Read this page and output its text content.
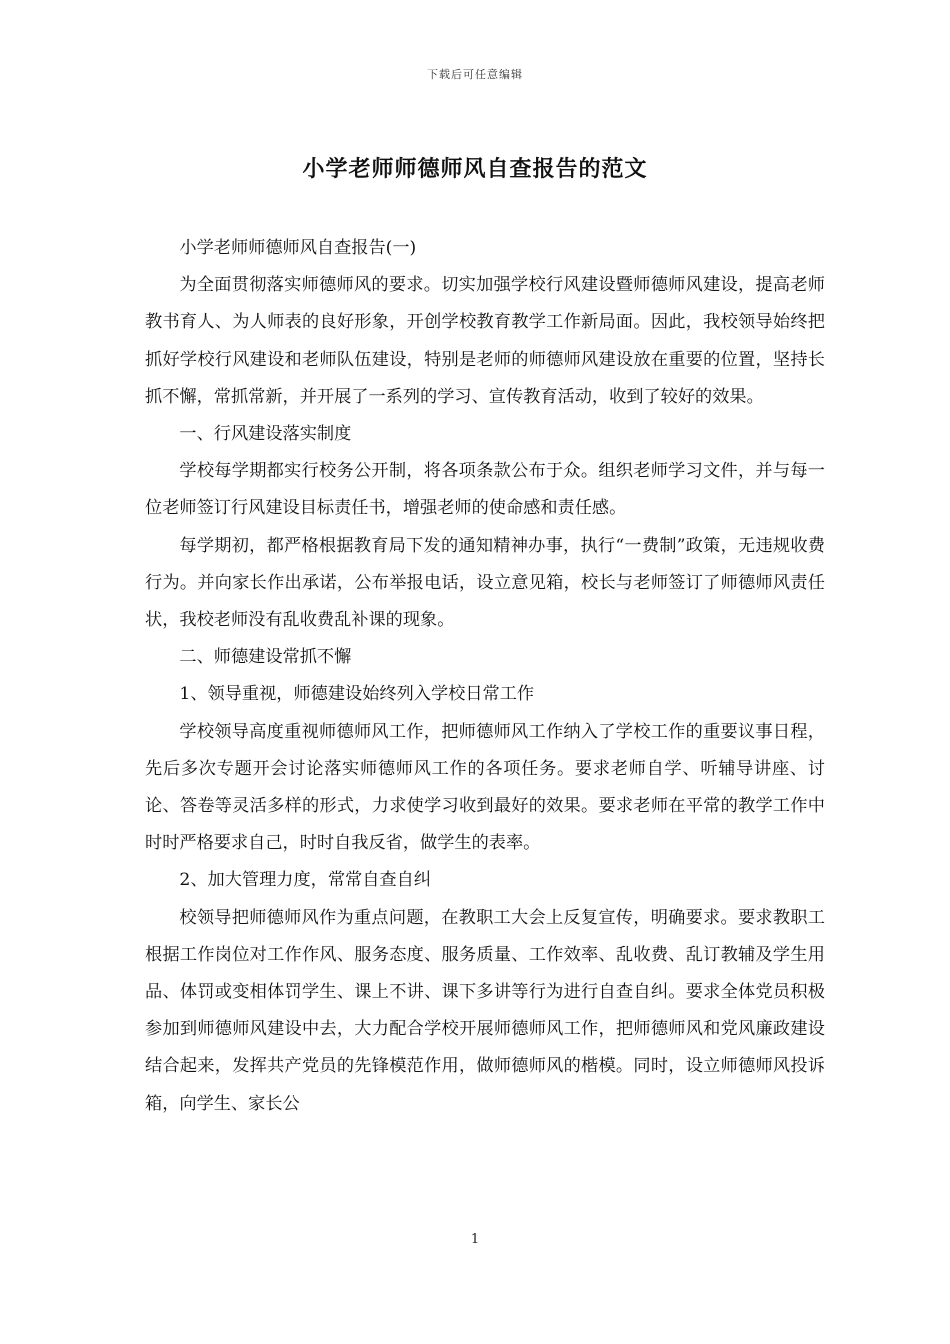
下载后可任意编辑
小学老师师德师风自查报告的范文

小学老师师德师风自查报告(一)

为全面贯彻落实师德师风的要求。切实加强学校行风建设暨师德师风建设，提高老师教书育人、为人师表的良好形象，开创学校教育教学工作新局面。因此，我校领导始终把抓好学校行风建设和老师队伍建设，特别是老师的师德师风建设放在重要的位置，坚持长抓不懈，常抓常新，并开展了一系列的学习、宣传教育活动，收到了较好的效果。

一、行风建设落实制度

学校每学期都实行校务公开制，将各项条款公布于众。组织老师学习文件，并与每一位老师签订行风建设目标责任书，增强老师的使命感和责任感。

每学期初，都严格根据教育局下发的通知精神办事，执行“一费制”政策，无违规收费行为。并向家长作出承诺，公布举报电话，设立意见箱，校长与老师签订了师德师风责任状，我校老师没有乱收费乱补课的现象。

二、师德建设常抓不懈

1、领导重视，师德建设始终列入学校日常工作

学校领导高度重视师德师风工作，把师德师风工作纳入了学校工作的重要议事日程，先后多次专题开会讨论落实师德师风工作的各项任务。要求老师自学、听辅导讲座、讨论、答卷等灵活多样的形式，力求使学习收到最好的效果。要求老师在平常的教学工作中时时严格要求自己，时时自我反省，做学生的表率。

2、加大管理力度，常常自查自纠

校领导把师德师风作为重点问题，在教职工大会上反复宣传，明确要求。要求教职工根据工作岗位对工作作风、服务态度、服务质量、工作效率、乱收费、乱订教辅及学生用品、体罚或变相体罚学生、课上不讲、课下多讲等行为进行自查自纠。要求全体党员积极参加到师德师风建设中去，大力配合学校开展师德师风工作，把师德师风和党风廉政建设结合起来，发挥共产党员的先锋模范作用，做师德师风的楷模。同时，设立师德师风投诉箱，向学生、家长公

1
